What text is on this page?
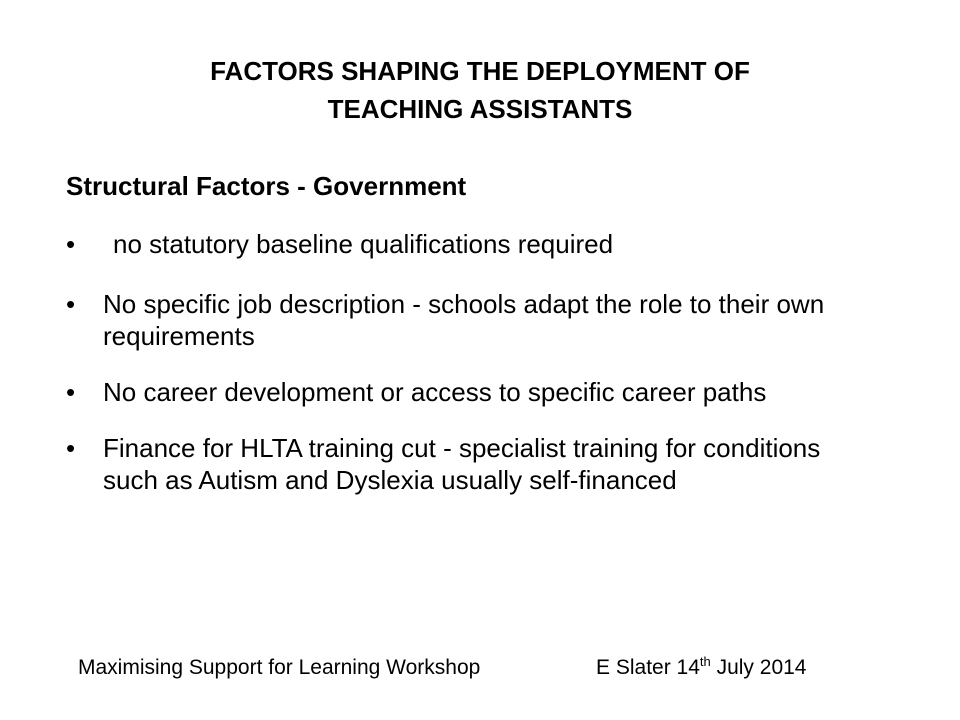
FACTORS SHAPING THE DEPLOYMENT OF
TEACHING ASSISTANTS
Structural Factors - Government
•	no statutory baseline qualifications required
•	No specific job description - schools adapt the role to their own requirements
•	No career development or access to specific career paths
•	Finance for HLTA training cut - specialist training for conditions such as Autism and Dyslexia usually self-financed
Maximising Support for Learning Workshop	E Slater 14th July 2014
